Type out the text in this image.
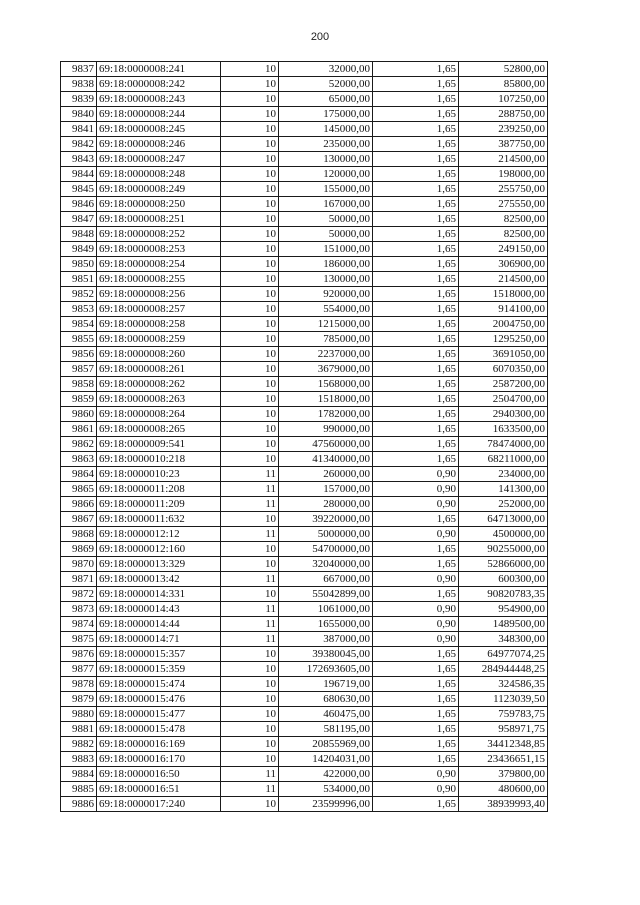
200
9837	69:18:0000008:241	10	32000,00	1,65	52800,00
9838	69:18:0000008:242	10	52000,00	1,65	85800,00
9839	69:18:0000008:243	10	65000,00	1,65	107250,00
9840	69:18:0000008:244	10	175000,00	1,65	288750,00
9841	69:18:0000008:245	10	145000,00	1,65	239250,00
9842	69:18:0000008:246	10	235000,00	1,65	387750,00
9843	69:18:0000008:247	10	130000,00	1,65	214500,00
9844	69:18:0000008:248	10	120000,00	1,65	198000,00
9845	69:18:0000008:249	10	155000,00	1,65	255750,00
9846	69:18:0000008:250	10	167000,00	1,65	275550,00
9847	69:18:0000008:251	10	50000,00	1,65	82500,00
9848	69:18:0000008:252	10	50000,00	1,65	82500,00
9849	69:18:0000008:253	10	151000,00	1,65	249150,00
9850	69:18:0000008:254	10	186000,00	1,65	306900,00
9851	69:18:0000008:255	10	130000,00	1,65	214500,00
9852	69:18:0000008:256	10	920000,00	1,65	1518000,00
9853	69:18:0000008:257	10	554000,00	1,65	914100,00
9854	69:18:0000008:258	10	1215000,00	1,65	2004750,00
9855	69:18:0000008:259	10	785000,00	1,65	1295250,00
9856	69:18:0000008:260	10	2237000,00	1,65	3691050,00
9857	69:18:0000008:261	10	3679000,00	1,65	6070350,00
9858	69:18:0000008:262	10	1568000,00	1,65	2587200,00
9859	69:18:0000008:263	10	1518000,00	1,65	2504700,00
9860	69:18:0000008:264	10	1782000,00	1,65	2940300,00
9861	69:18:0000008:265	10	990000,00	1,65	1633500,00
9862	69:18:0000009:541	10	47560000,00	1,65	78474000,00
9863	69:18:0000010:218	10	41340000,00	1,65	68211000,00
9864	69:18:0000010:23	11	260000,00	0,90	234000,00
9865	69:18:0000011:208	11	157000,00	0,90	141300,00
9866	69:18:0000011:209	11	280000,00	0,90	252000,00
9867	69:18:0000011:632	10	39220000,00	1,65	64713000,00
9868	69:18:0000012:12	11	5000000,00	0,90	4500000,00
9869	69:18:0000012:160	10	54700000,00	1,65	90255000,00
9870	69:18:0000013:329	10	32040000,00	1,65	52866000,00
9871	69:18:0000013:42	11	667000,00	0,90	600300,00
9872	69:18:0000014:331	10	55042899,00	1,65	90820783,35
9873	69:18:0000014:43	11	1061000,00	0,90	954900,00
9874	69:18:0000014:44	11	1655000,00	0,90	1489500,00
9875	69:18:0000014:71	11	387000,00	0,90	348300,00
9876	69:18:0000015:357	10	39380045,00	1,65	64977074,25
9877	69:18:0000015:359	10	172693605,00	1,65	284944448,25
9878	69:18:0000015:474	10	196719,00	1,65	324586,35
9879	69:18:0000015:476	10	680630,00	1,65	1123039,50
9880	69:18:0000015:477	10	460475,00	1,65	759783,75
9881	69:18:0000015:478	10	581195,00	1,65	958971,75
9882	69:18:0000016:169	10	20855969,00	1,65	34412348,85
9883	69:18:0000016:170	10	14204031,00	1,65	23436651,15
9884	69:18:0000016:50	11	422000,00	0,90	379800,00
9885	69:18:0000016:51	11	534000,00	0,90	480600,00
9886	69:18:0000017:240	10	23599996,00	1,65	38939993,40
